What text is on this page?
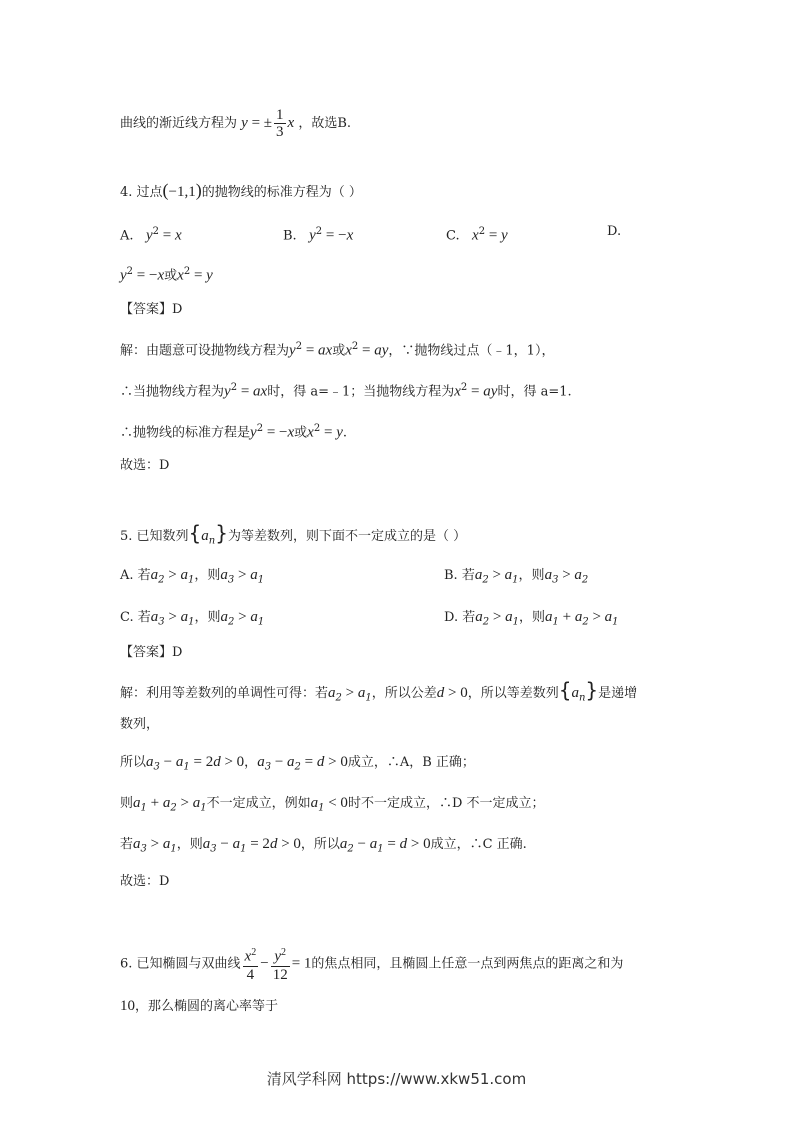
曲线的渐近线方程为 y = ± $\frac{1}{3}$ x ，故选B.
4. 过点(−1,1)的抛物线的标准方程为（ ）
A. $y^2 = x$	B. $y^2 = -x$	C. $x^2 = y$	D.
$y^2 = -x$或$x^2 = y$
【答案】D
解：由题意可设抛物线方程为$y^2$ = ax或$x^2$ = ay，∵抛物线过点（﹣1，1），
∴当抛物线方程为$y^2$ = ax时，得 a=﹣1；当抛物线方程为$x^2$ = ay时，得 a=1.
∴抛物线的标准方程是$y^2 = -x$或$x^2 = y$.
故选：D
5. 已知数列$\{a_n\}$为等差数列，则下面不一定成立的是（ ）
A. 若$a_2 > a_1$，则$a_3 > a_1$	B. 若$a_2 > a_1$，则$a_3 > a_2$
C. 若$a_3 > a_1$，则$a_2 > a_1$	D. 若$a_2 > a_1$，则$a_1 + a_2 > a_1$
【答案】D
解：利用等差数列的单调性可得：若$a_2 > a_1$，所以公差d > 0，所以等差数列$\{a_n\}$是递增
数列，
所以$a_3 - a_1 = 2d > 0$，$a_3 - a_2 = d > 0$成立，∴A，B 正确；
则$a_1 + a_2 > a_1$不一定成立，例如$a_1 < 0$时不一定成立，∴D 不一定成立；
若$a_3 > a_1$，则$a_3 - a_1 = 2d > 0$，所以$a_2 - a_1 = d > 0$成立，∴C 正确.
故选：D
6. 已知椭圆与双曲线 $\frac{x^2}{4} - \frac{y^2}{12} = 1$的焦点相同，且椭圆上任意一点到两焦点的距离之和为
10，那么椭圆的离心率等于
清风学科网 https://www.xkw51.com
